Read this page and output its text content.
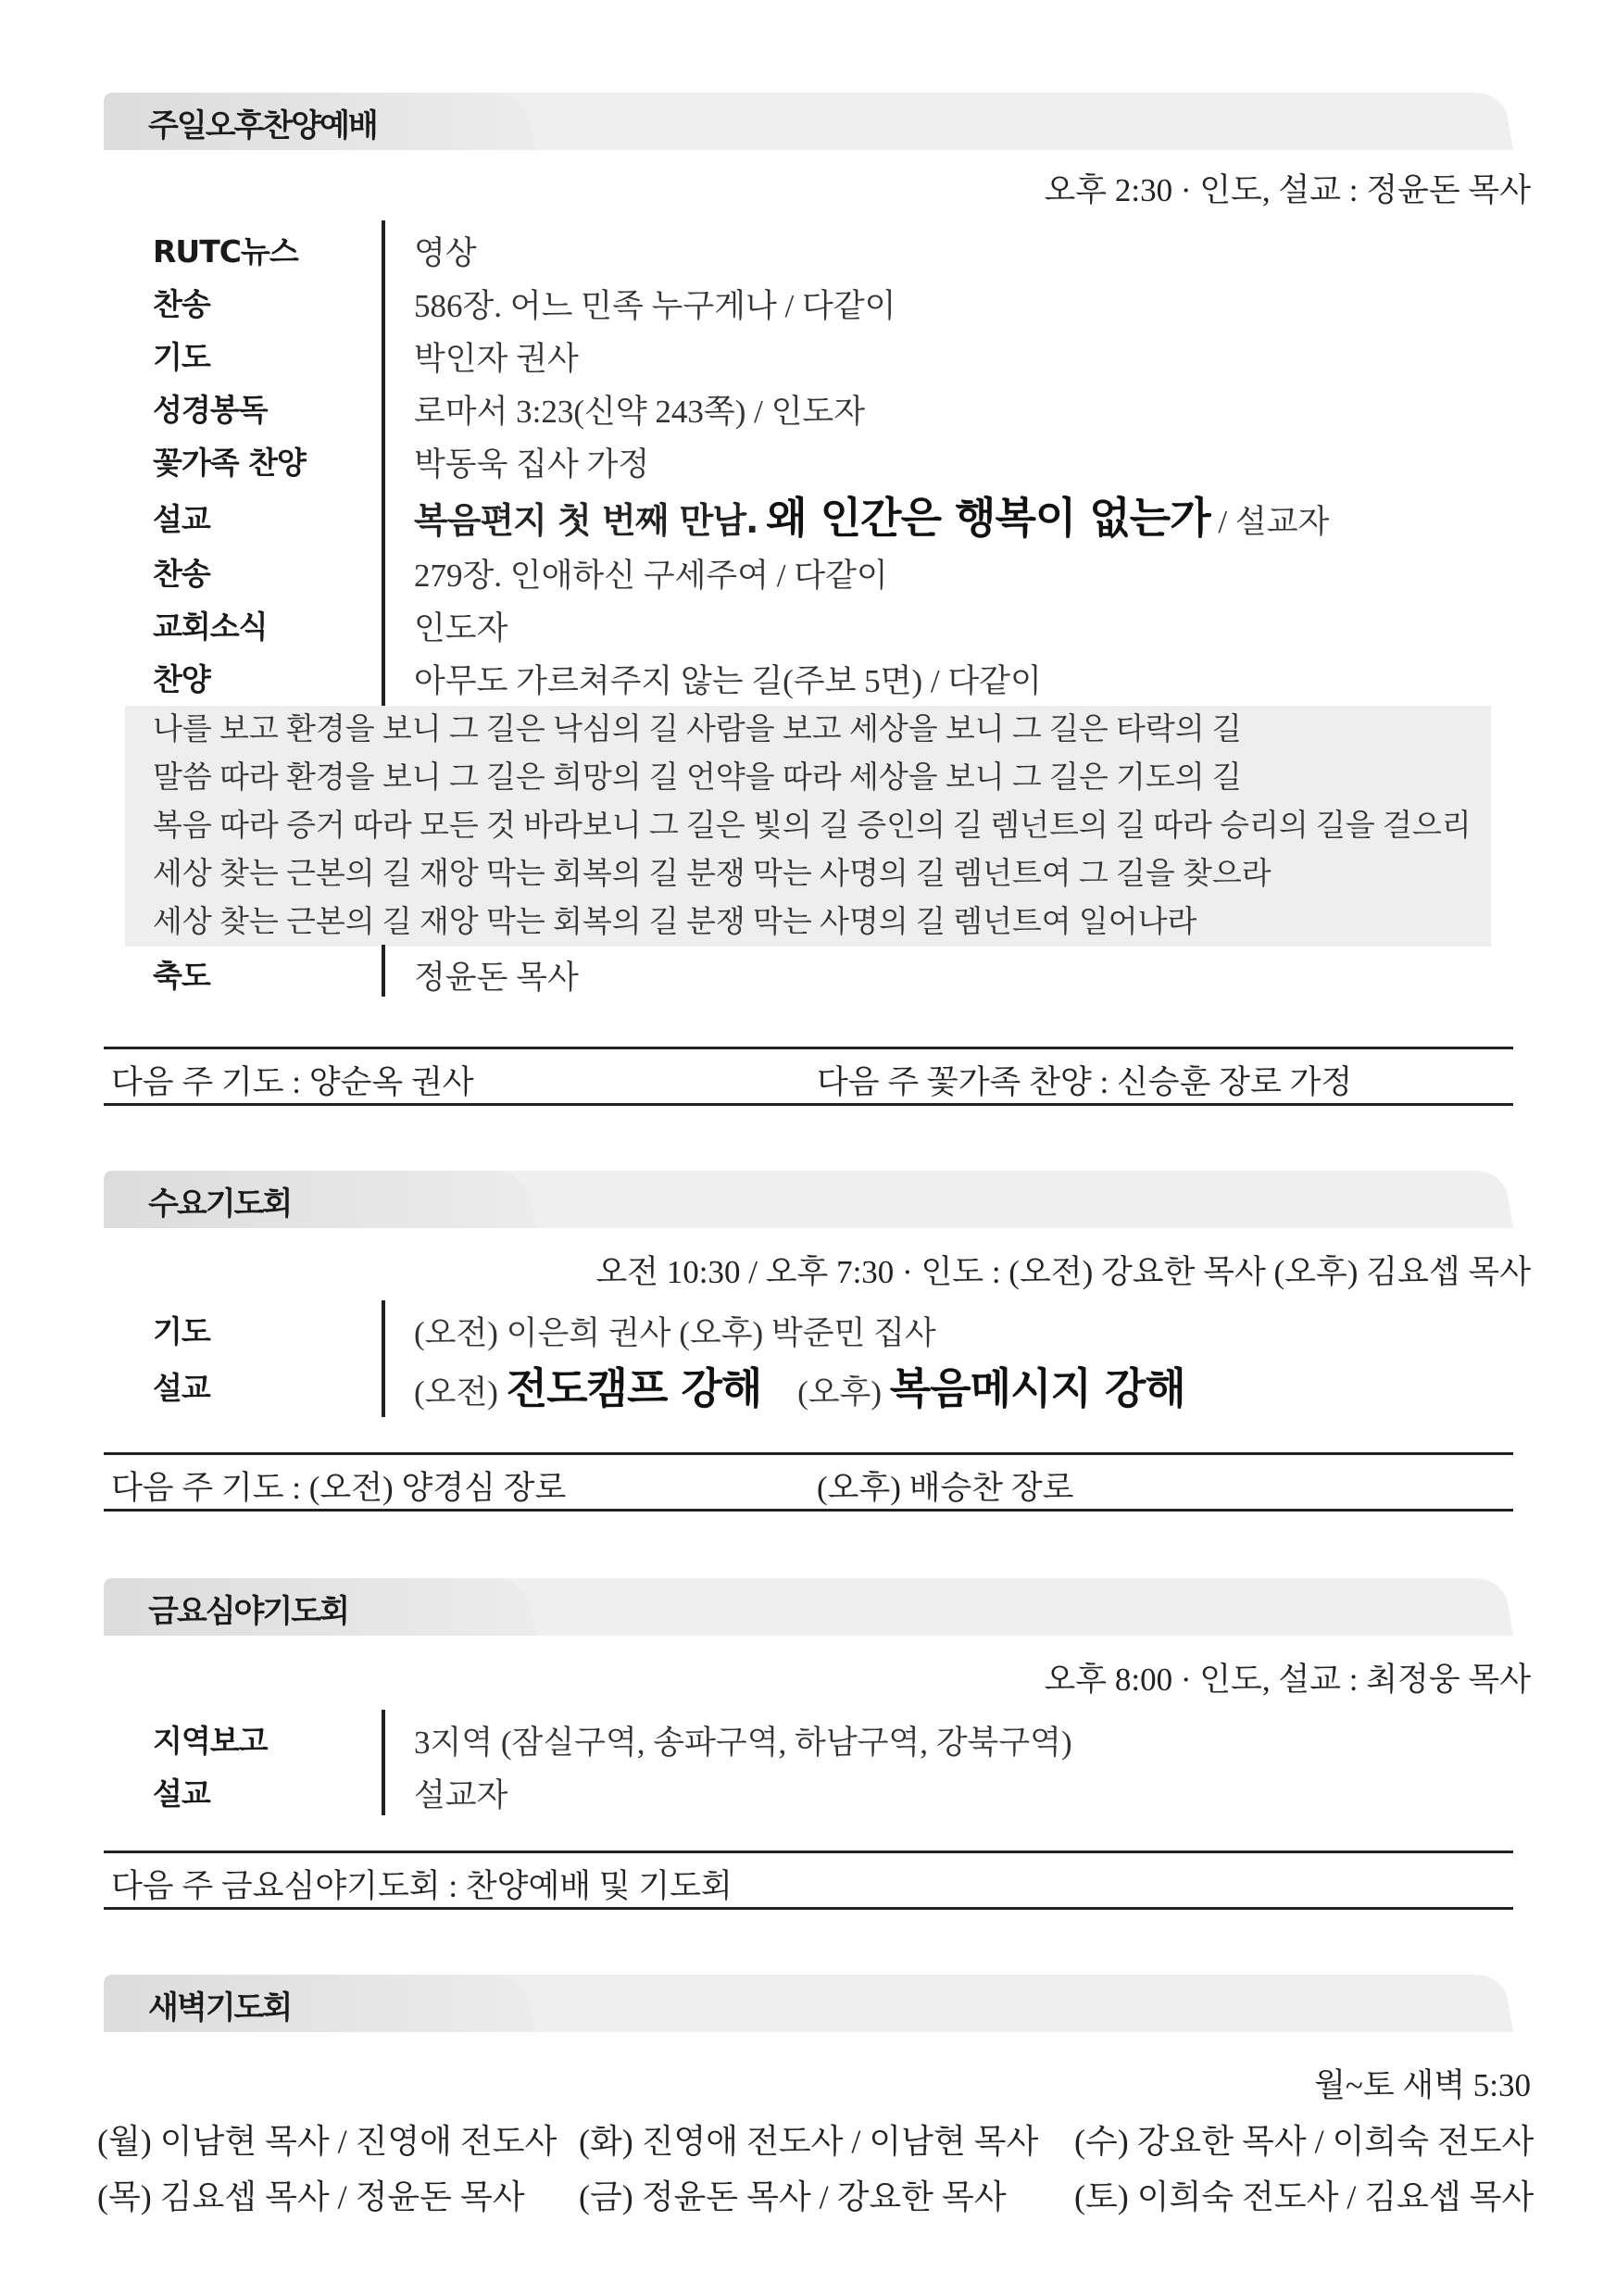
주일오후찬양예배
오후 2:30 · 인도, 설교 : 정윤돈 목사
RUTC뉴스	영상
찬송	586장. 어느 민족 누구게나 / 다같이
기도	박인자 권사
성경봉독	로마서 3:23(신약 243쪽) / 인도자
꽃가족 찬양	박동욱 집사 가정
설교	복음편지 첫 번째 만남. 왜 인간은 행복이 없는가 / 설교자
찬송	279장. 인애하신 구세주여 / 다같이
교회소식	인도자
찬양	아무도 가르쳐주지 않는 길(주보 5면) / 다같이
나를 보고 환경을 보니 그 길은 낙심의 길 사람을 보고 세상을 보니 그 길은 타락의 길
말씀 따라 환경을 보니 그 길은 희망의 길 언약을 따라 세상을 보니 그 길은 기도의 길
복음 따라 증거 따라 모든 것 바라보니 그 길은 빛의 길 증인의 길 렘넌트의 길 따라 승리의 길을 걸으리
세상 찾는 근본의 길 재앙 막는 회복의 길 분쟁 막는 사명의 길 렘넌트여 그 길을 찾으라
세상 찾는 근본의 길 재앙 막는 회복의 길 분쟁 막는 사명의 길 렘넌트여 일어나라
축도	정윤돈 목사
다음 주 기도 : 양순옥 권사	다음 주 꽃가족 찬양 : 신승훈 장로 가정
수요기도회
오전 10:30 / 오후 7:30 · 인도 : (오전) 강요한 목사 (오후) 김요셉 목사
기도	(오전) 이은희 권사 (오후) 박준민 집사
설교	(오전) 전도캠프 강해 (오후) 복음메시지 강해
다음 주 기도 : (오전) 양경심 장로	(오후) 배승찬 장로
금요심야기도회
오후 8:00 · 인도, 설교 : 최정웅 목사
지역보고	3지역 (잠실구역, 송파구역, 하남구역, 강북구역)
설교	설교자
다음 주 금요심야기도회 : 찬양예배 및 기도회
새벽기도회
월~토 새벽 5:30
(월) 이남현 목사 / 진영애 전도사 (화) 진영애 전도사 / 이남현 목사 (수) 강요한 목사 / 이희숙 전도사
(목) 김요셉 목사 / 정윤돈 목사 (금) 정윤돈 목사 / 강요한 목사 (토) 이희숙 전도사 / 김요셉 목사
